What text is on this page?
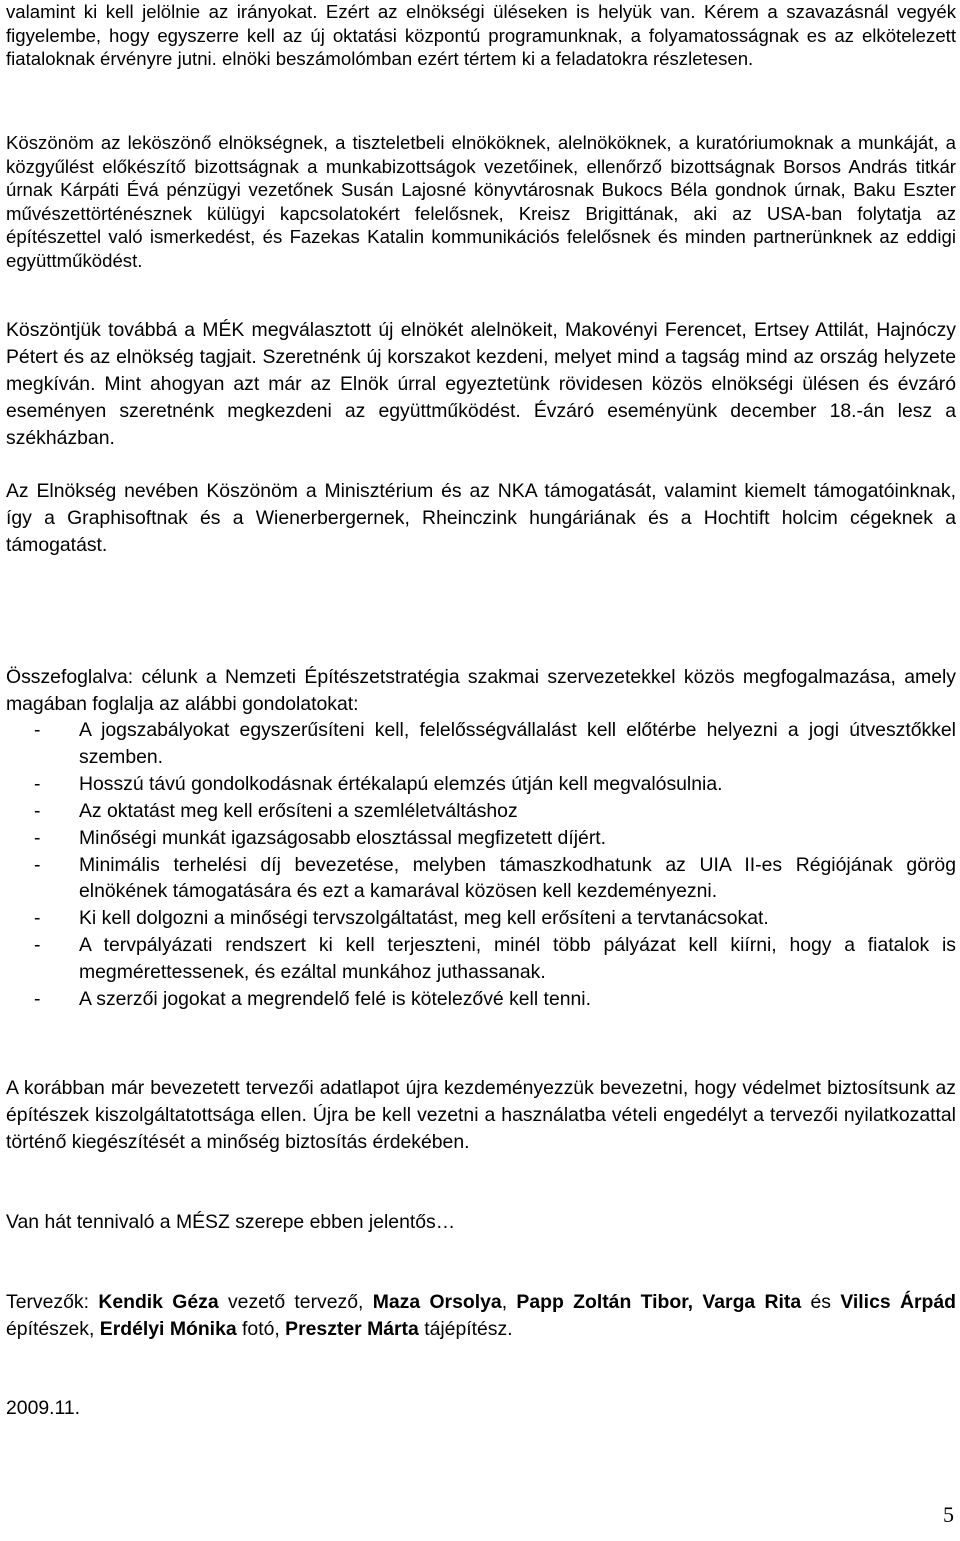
valamint ki kell jelölnie az irányokat. Ezért az elnökségi üléseken is helyük van. Kérem a szavazásnál vegyék figyelembe, hogy egyszerre kell az új oktatási központú programunknak, a folyamatosságnak es az elkötelezett fiataloknak érvényre jutni. elnöki beszámolómban ezért tértem ki a feladatokra részletesen.

Köszönöm az leköszönő elnökségnek, a tiszteletbeli elnököknek, alelnököknek, a kuratóriumoknak a munkáját, a közgyűlést előkészítő bizottságnak a munkabizottságok vezetőinek, ellenőrző bizottságnak Borsos András titkár úrnak Kárpáti Évá pénzügyi vezetőnek Susán Lajosné könyvtárosnak Bukocs Béla gondnok úrnak, Baku Eszter művészettörténésznek külügyi kapcsolatokért felelősnek, Kreisz Brigittának, aki az USA-ban folytatja az építészettel való ismerkedést, és Fazekas Katalin kommunikációs felelősnek és minden partnerünknek az eddigi együttműködést.

Köszöntjük továbbá a MÉK megválasztott új elnökét alelnökeit, Makovényi Ferencet, Ertsey Attilát, Hajnóczy Pétert és az elnökség tagjait. Szeretnénk új korszakot kezdeni, melyet mind a tagság mind az ország helyzete megkíván. Mint ahogyan azt már az Elnök úrral egyeztetünk rövidesen közös elnökségi ülésen és évzáró eseményen szeretnénk megkezdeni az együttműködést. Évzáró eseményünk december 18.-án lesz a székházban.

Az Elnökség nevében Köszönöm a Minisztérium és az NKA támogatását, valamint kiemelt támogatóinknak, így a Graphisoftnak és a Wienerbergernek, Rheinczink hungáriának és a Hochtift holcim cégeknek a támogatást.

Összefoglalva: célunk a Nemzeti Építészetstratégia szakmai szervezetekkel közös megfogalmazása, amely magában foglalja az alábbi gondolatokat:

- A jogszabályokat egyszerűsíteni kell, felelősségvállalást kell előtérbe helyezni a jogi útvesztőkkel szemben.
- Hosszú távú gondolkodásnak értékalapú elemzés útján kell megvalósulnia.
- Az oktatást meg kell erősíteni a szemléletváltáshoz
- Minőségi munkát igazságosabb elosztással megfizetett díjért.
- Minimális terhelési díj bevezetése, melyben támaszkodhatunk az UIA II-es Régiójának görög elnökének támogatására és ezt a kamarával közösen kell kezdeményezni.
- Ki kell dolgozni a minőségi tervszolgáltatást, meg kell erősíteni a tervtanácsokat.
- A tervpályázati rendszert ki kell terjeszteni, minél több pályázat kell kiírni, hogy a fiatalok is megmérettessenek, és ezáltal munkához juthassanak.
- A szerzői jogokat a megrendelő felé is kötelezővé kell tenni.

A korábban már bevezetett tervezői adatlapot újra kezdeményezzük bevezetni, hogy védelmet biztosítsunk az építészek kiszolgáltatottsága ellen. Újra be kell vezetni a használatba vételi engedélyt a tervezői nyilatkozattal történő kiegészítését a minőség biztosítás érdekében.

Van hát tennivaló a MÉSZ szerepe ebben jelentős…

Tervezők: Kendik Géza vezető tervező, Maza Orsolya, Papp Zoltán Tibor, Varga Rita és Vilics Árpád építészek, Erdélyi Mónika fotó, Preszter Márta tájépítész.

2009.11.

5
